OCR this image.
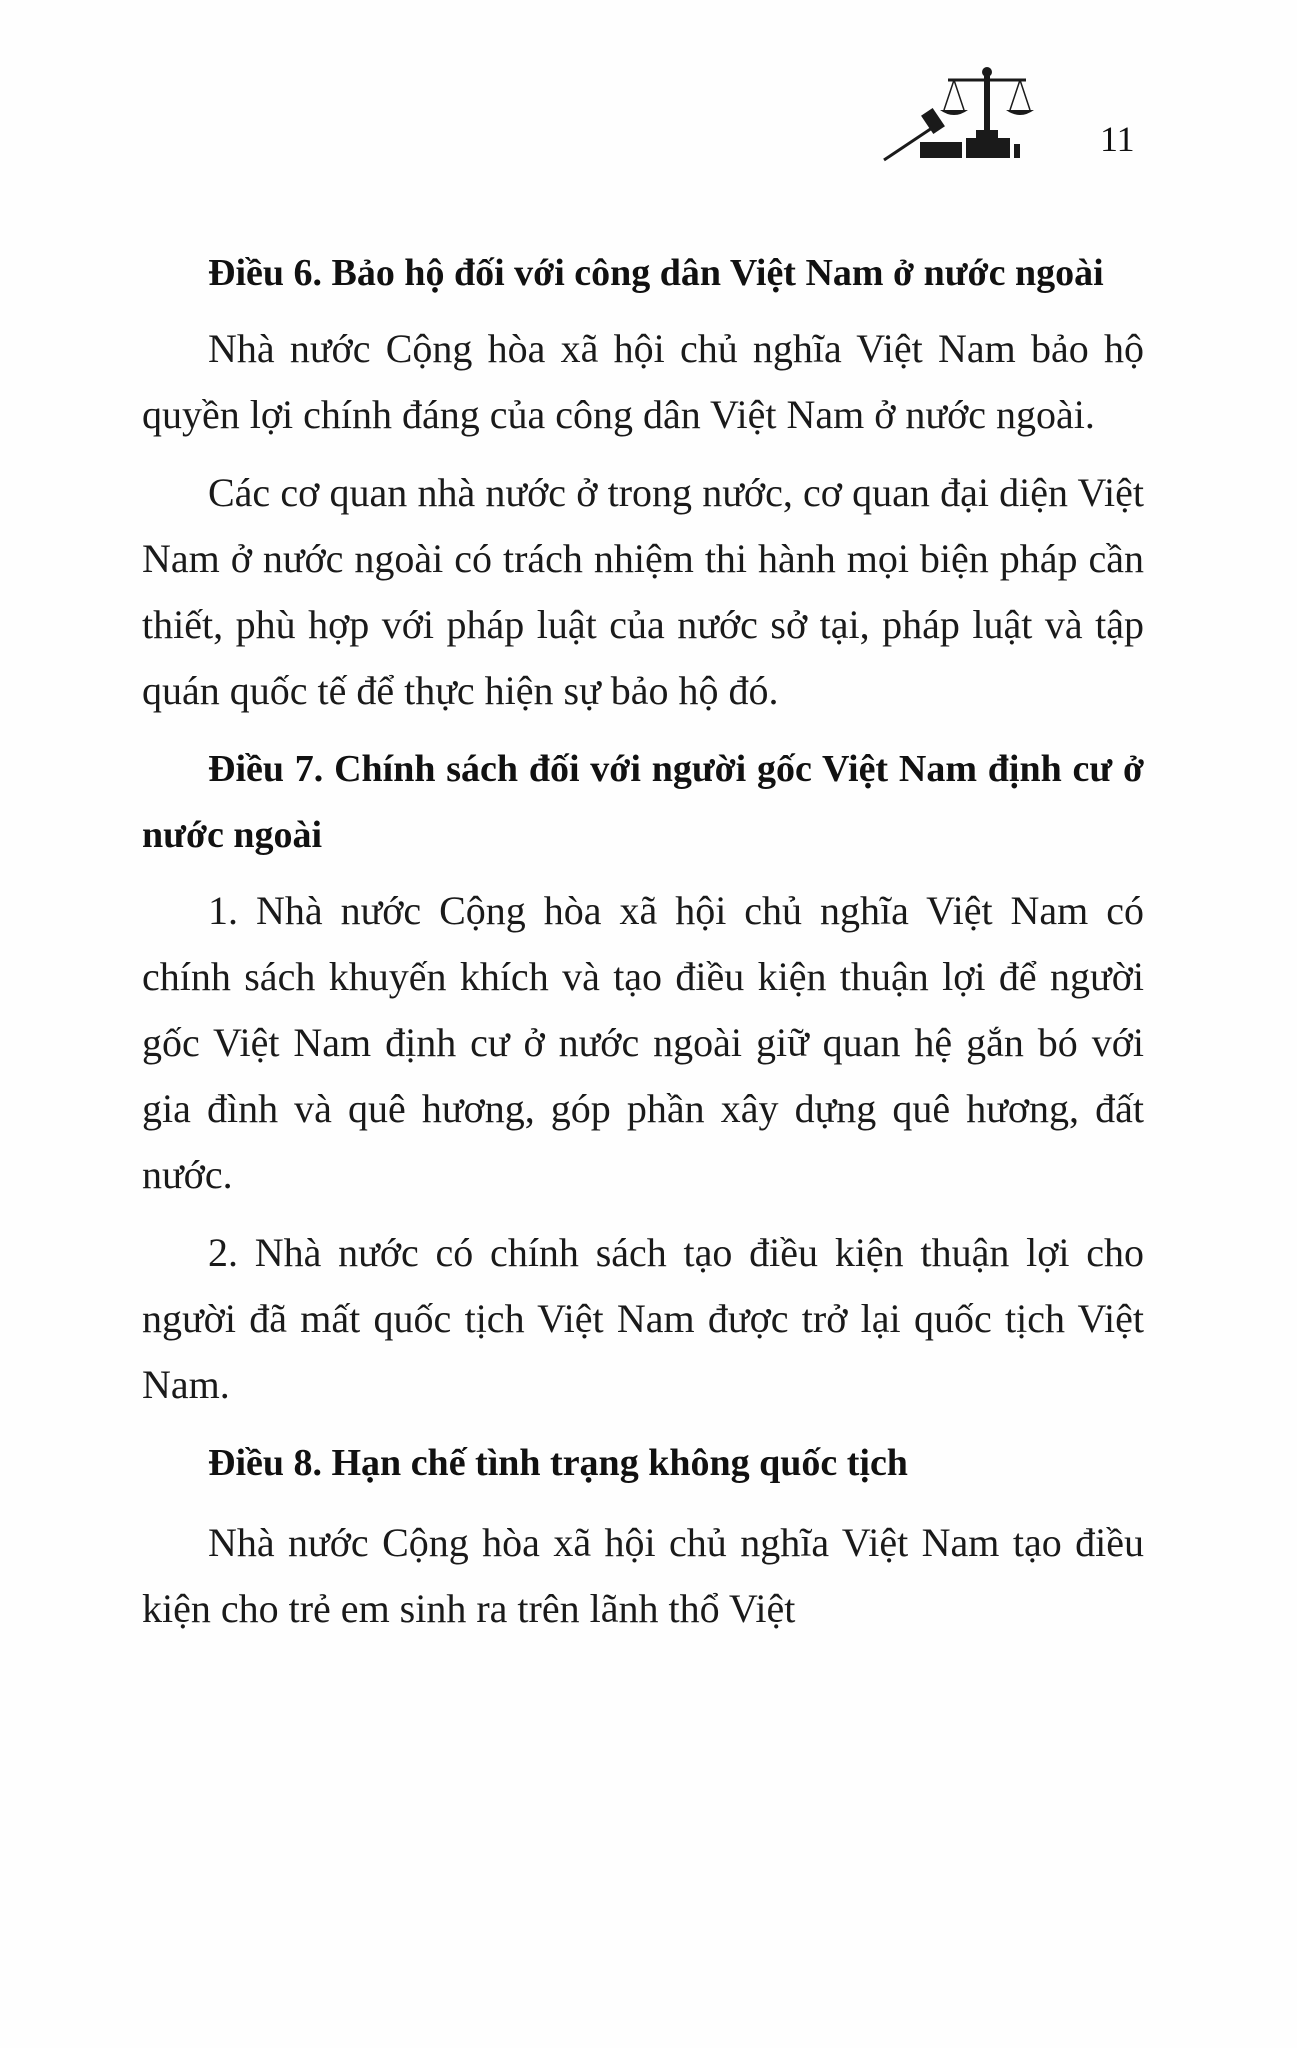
11

Điều 6. Bảo hộ đối với công dân Việt Nam ở nước ngoài

Nhà nước Cộng hòa xã hội chủ nghĩa Việt Nam bảo hộ quyền lợi chính đáng của công dân Việt Nam ở nước ngoài.

Các cơ quan nhà nước ở trong nước, cơ quan đại diện Việt Nam ở nước ngoài có trách nhiệm thi hành mọi biện pháp cần thiết, phù hợp với pháp luật của nước sở tại, pháp luật và tập quán quốc tế để thực hiện sự bảo hộ đó.

Điều 7. Chính sách đối với người gốc Việt Nam định cư ở nước ngoài

1. Nhà nước Cộng hòa xã hội chủ nghĩa Việt Nam có chính sách khuyến khích và tạo điều kiện thuận lợi để người gốc Việt Nam định cư ở nước ngoài giữ quan hệ gắn bó với gia đình và quê hương, góp phần xây dựng quê hương, đất nước.

2. Nhà nước có chính sách tạo điều kiện thuận lợi cho người đã mất quốc tịch Việt Nam được trở lại quốc tịch Việt Nam.

Điều 8. Hạn chế tình trạng không quốc tịch

Nhà nước Cộng hòa xã hội chủ nghĩa Việt Nam tạo điều kiện cho trẻ em sinh ra trên lãnh thổ Việt
